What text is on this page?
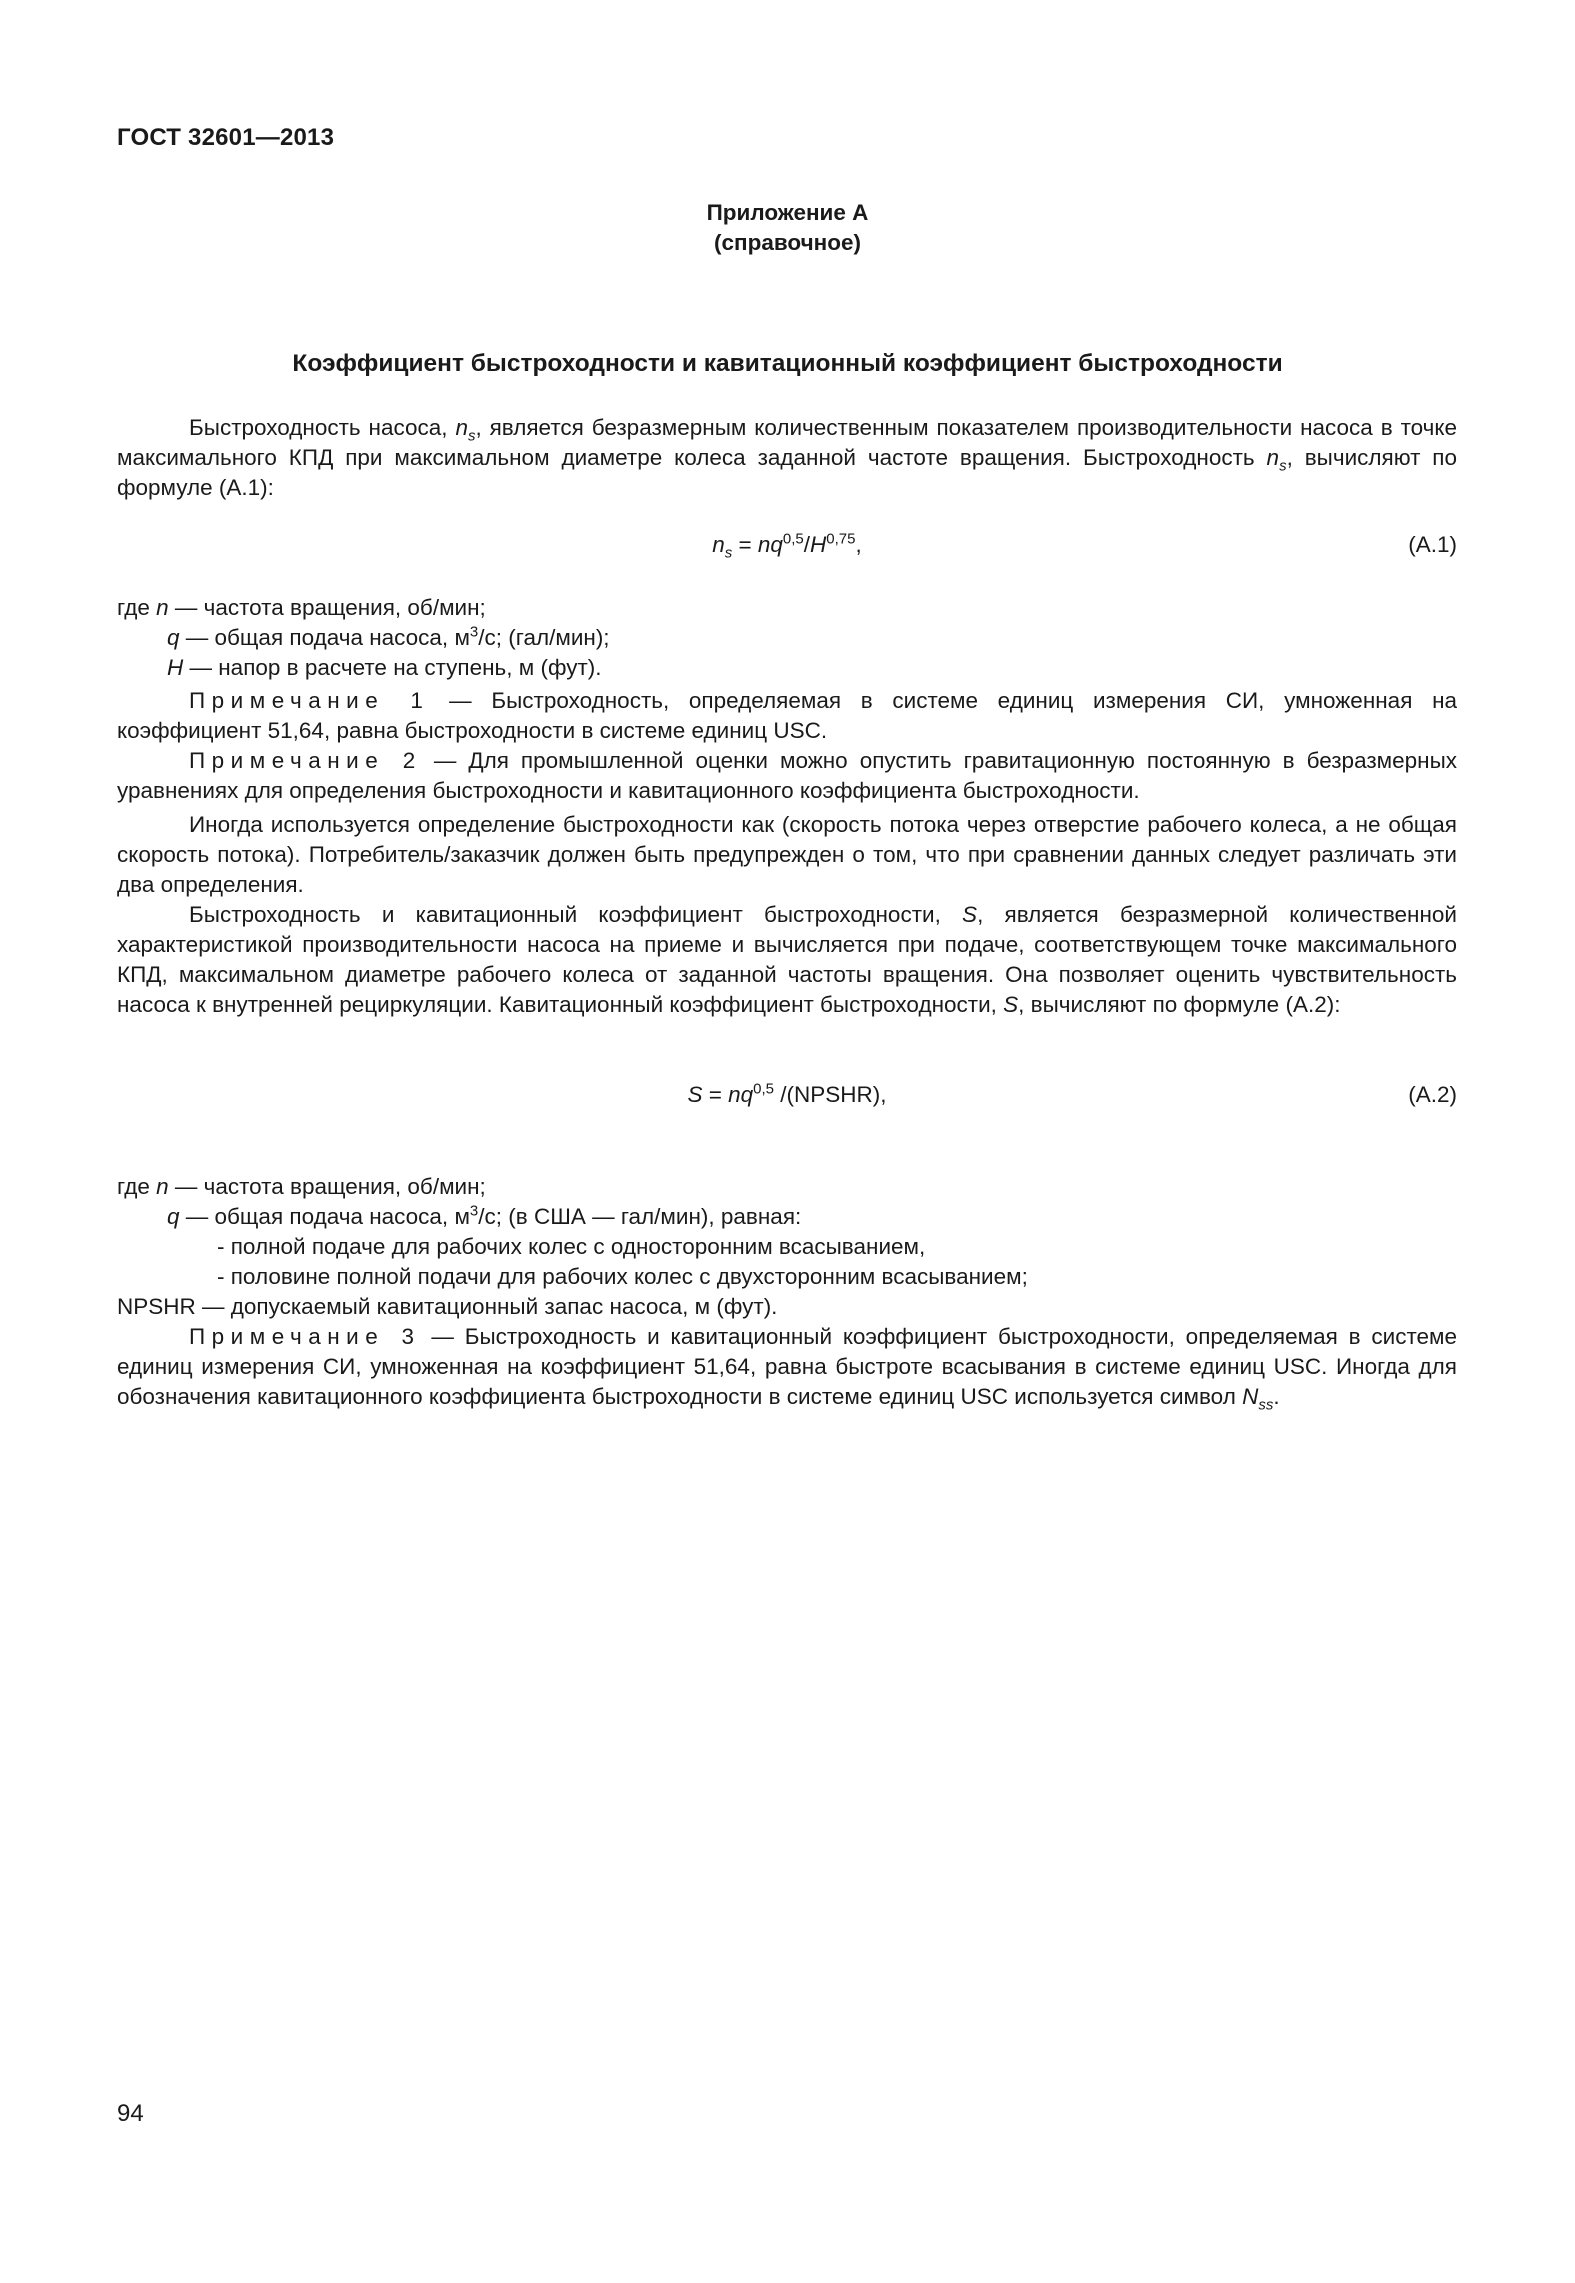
ГОСТ 32601—2013
Приложение А
(справочное)
Коэффициент быстроходности и кавитационный коэффициент быстроходности

Быстроходность насоса, $n_s$, является безразмерным количественным показателем производительности насоса в точке максимального КПД при максимальном диаметре колеса заданной частоте вращения. Быстроходность $n_s$, вычисляют по формуле (А.1):

$n_s = nq^{0,5}/H^{0,75}$,	(А.1)

где n — частота вращения, об/мин;

q — общая подача насоса, $м^3/с$; (гал/мин);

H — напор в расчете на ступень, м (фут).

Примечание 1 — Быстроходность, определяемая в системе единиц измерения СИ, умноженная на коэффициент 51,64, равна быстроходности в системе единиц USC.

Примечание 2 — Для промышленной оценки можно опустить гравитационную постоянную в безразмерных уравнениях для определения быстроходности и кавитационного коэффициента быстроходности.

Иногда используется определение быстроходности как (скорость потока через отверстие рабочего колеса, а не общая скорость потока). Потребитель/заказчик должен быть предупрежден о том, что при сравнении данных следует различать эти два определения.

Быстроходность и кавитационный коэффициент быстроходности, S, является безразмерной количественной характеристикой производительности насоса на приеме и вычисляется при подаче, соответствующем точке максимального КПД, максимальном диаметре рабочего колеса от заданной частоты вращения. Она позволяет оценить чувствительность насоса к внутренней рециркуляции. Кавитационный коэффициент быстроходности, S, вычисляют по формуле (А.2):

S = nq$^{0,5}$ /(NPSHR),	(А.2)

где n — частота вращения, об/мин;

q — общая подача насоса, $м^3/с$; (в США — гал/мин), равная:

- полной подаче для рабочих колес с односторонним всасыванием,

- половине полной подачи для рабочих колес с двухсторонним всасыванием;

NPSHR — допускаемый кавитационный запас насоса, м (фут).

Примечание 3 — Быстроходность и кавитационный коэффициент быстроходности, определяемая в системе единиц измерения СИ, умноженная на коэффициент 51,64, равна быстроте всасывания в системе единиц USC. Иногда для обозначения кавитационного коэффициента быстроходности в системе единиц USC используется символ $N_{ss}$.

94
